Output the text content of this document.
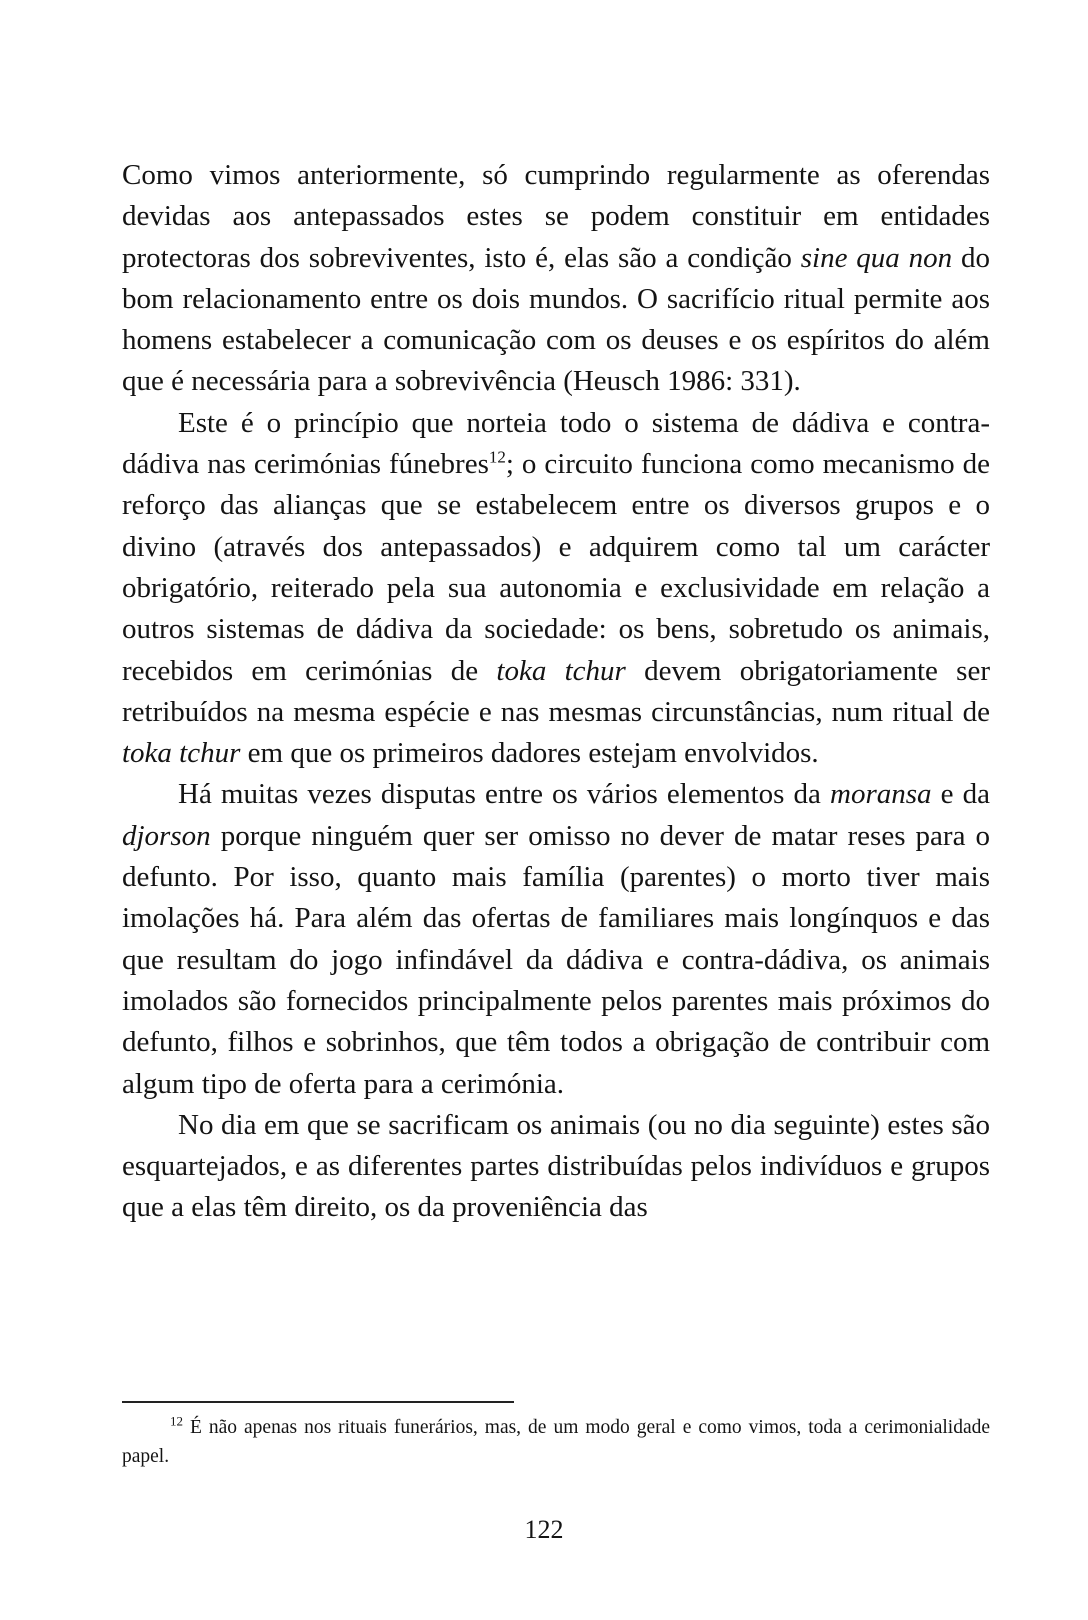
Como vimos anteriormente, só cumprindo regularmente as oferendas devidas aos antepassados estes se podem constituir em entidades protectoras dos sobreviventes, isto é, elas são a condição sine qua non do bom relacionamento entre os dois mundos. O sacrifício ritual permite aos homens estabelecer a comunicação com os deuses e os espíritos do além que é necessária para a sobrevivência (Heusch 1986: 331).

Este é o princípio que norteia todo o sistema de dádiva e contra-dádiva nas cerimónias fúnebres$^{12}$; o circuito funciona como mecanismo de reforço das alianças que se estabelecem entre os diversos grupos e o divino (através dos antepassados) e adquirem como tal um carácter obrigatório, reiterado pela sua autonomia e exclusividade em relação a outros sistemas de dádiva da sociedade: os bens, sobretudo os animais, recebidos em cerimónias de toka tchur devem obrigatoriamente ser retribuídos na mesma espécie e nas mesmas circunstâncias, num ritual de toka tchur em que os primeiros dadores estejam envolvidos.

Há muitas vezes disputas entre os vários elementos da moransa e da djorson porque ninguém quer ser omisso no dever de matar reses para o defunto. Por isso, quanto mais família (parentes) o morto tiver mais imolações há. Para além das ofertas de familiares mais longínquos e das que resultam do jogo infindável da dádiva e contra-dádiva, os animais imolados são fornecidos principalmente pelos parentes mais próximos do defunto, filhos e sobrinhos, que têm todos a obrigação de contribuir com algum tipo de oferta para a cerimónia.

No dia em que se sacrificam os animais (ou no dia seguinte) estes são esquartejados, e as diferentes partes distribuídas pelos indivíduos e grupos que a elas têm direito, os da proveniência das

$^{12}$ É não apenas nos rituais funerários, mas, de um modo geral e como vimos, toda a cerimonialidade papel.
122
